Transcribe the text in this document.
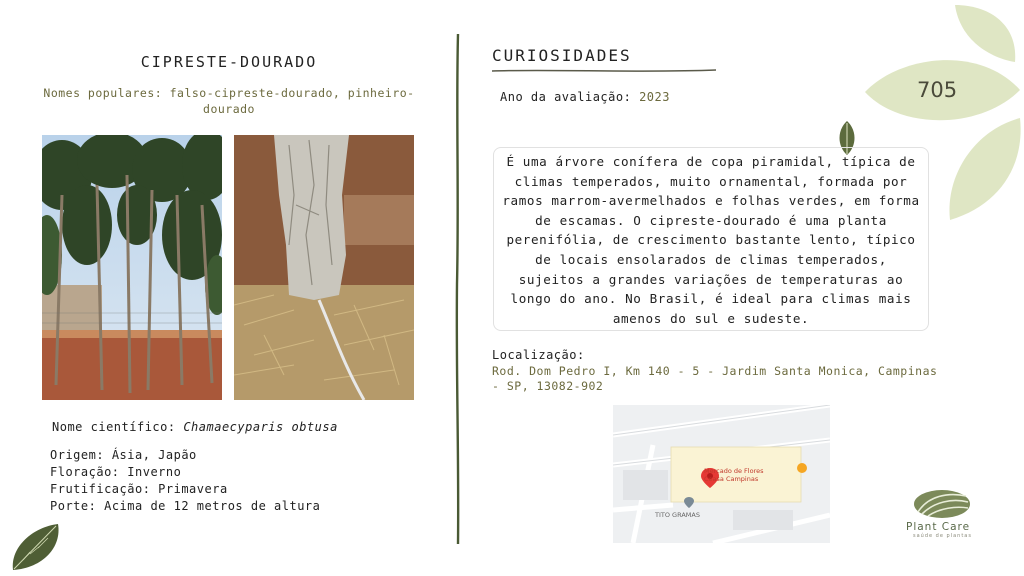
CIPRESTE-DOURADO
Nomes populares: falso-cipreste-dourado, pinheiro-dourado
Nome científico: Chamaecyparis obtusa
Origem: Ásia, Japão
Floração: Inverno
Frutificação: Primavera
Porte: Acima de 12 metros de altura
CURIOSIDADES
Ano da avaliação: 2023	705
É uma árvore conífera de copa piramidal, típica de climas temperados, muito ornamental, formada por ramos marrom-avermelhados e folhas verdes, em forma de escamas. O cipreste-dourado é uma planta perenifólia, de crescimento bastante lento, típico de locais ensolarados de climas temperados, sujeitos a grandes variações de temperaturas ao longo do ano. No Brasil, é ideal para climas mais amenos do sul e sudeste.
Localização:
Rod. Dom Pedro I, Km 140 - 5 - Jardim Santa Monica, Campinas - SP, 13082-902
Mercado de Flores
Ceasa Campinas
TITO GRAMAS
Plant Care
saúde de plantas
